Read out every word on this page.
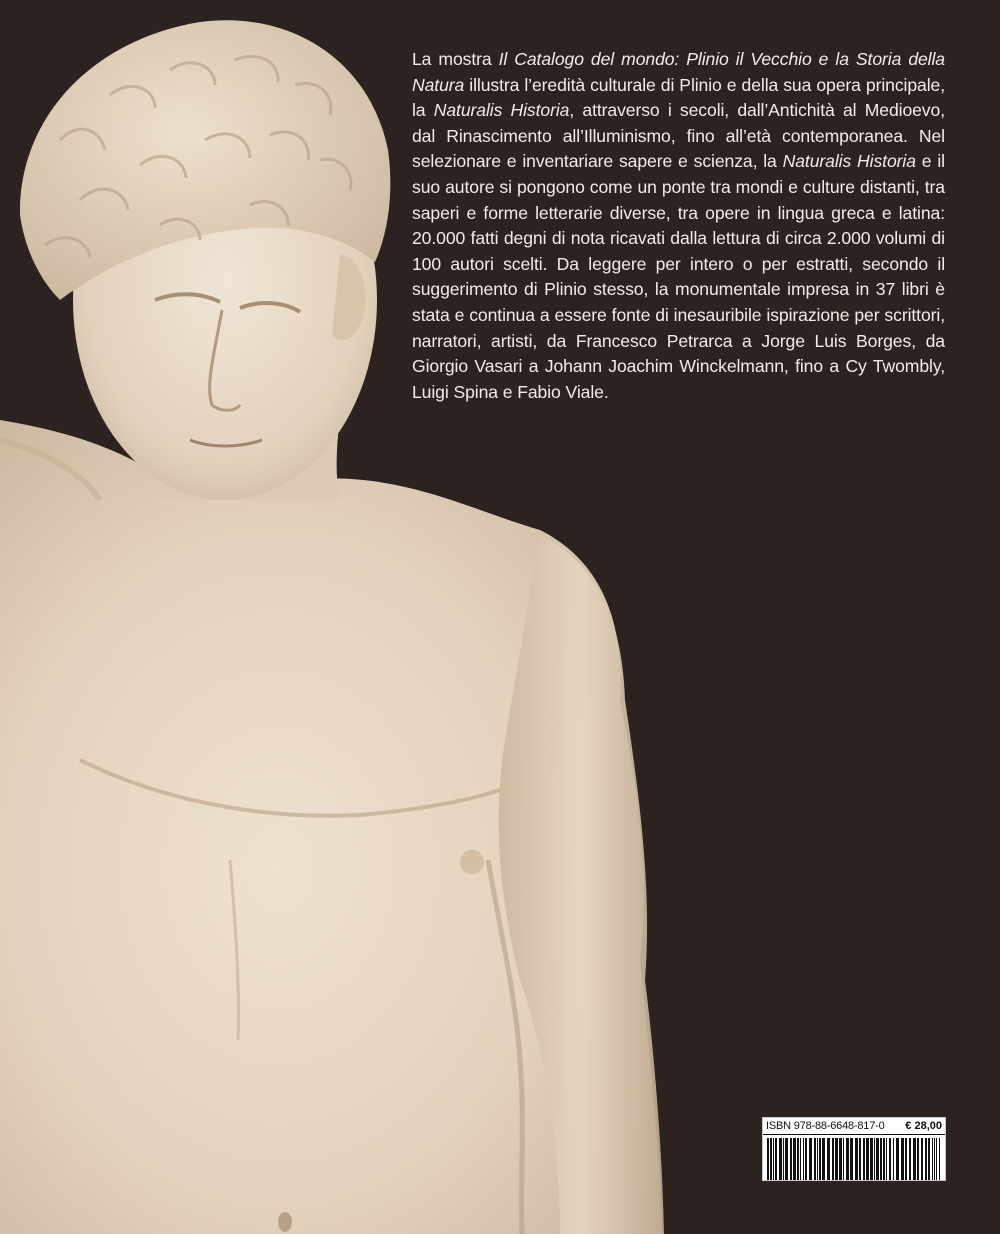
La mostra Il Catalogo del mondo: Plinio il Vecchio e la Storia della Natura illustra l’eredità culturale di Plinio e della sua opera principale, la Naturalis Historia, attraverso i secoli, dall’Antichità al Medioevo, dal Rinascimento all’Illuminismo, fino all’età contemporanea. Nel selezionare e inventariare sapere e scienza, la Naturalis Historia e il suo autore si pongono come un ponte tra mondi e culture distanti, tra saperi e forme letterarie diverse, tra opere in lingua greca e latina: 20.000 fatti degni di nota ricavati dalla lettura di circa 2.000 volumi di 100 autori scelti. Da leggere per intero o per estratti, secondo il suggerimento di Plinio stesso, la monumentale impresa in 37 libri è stata e continua a essere fonte di inesauribile ispirazione per scrittori, narratori, artisti, da Francesco Petrarca a Jorge Luis Borges, da Giorgio Vasari a Johann Joachim Winckelmann, fino a Cy Twombly, Luigi Spina e Fabio Viale.

ISBN 978-88-6648-817-0 € 28,00
